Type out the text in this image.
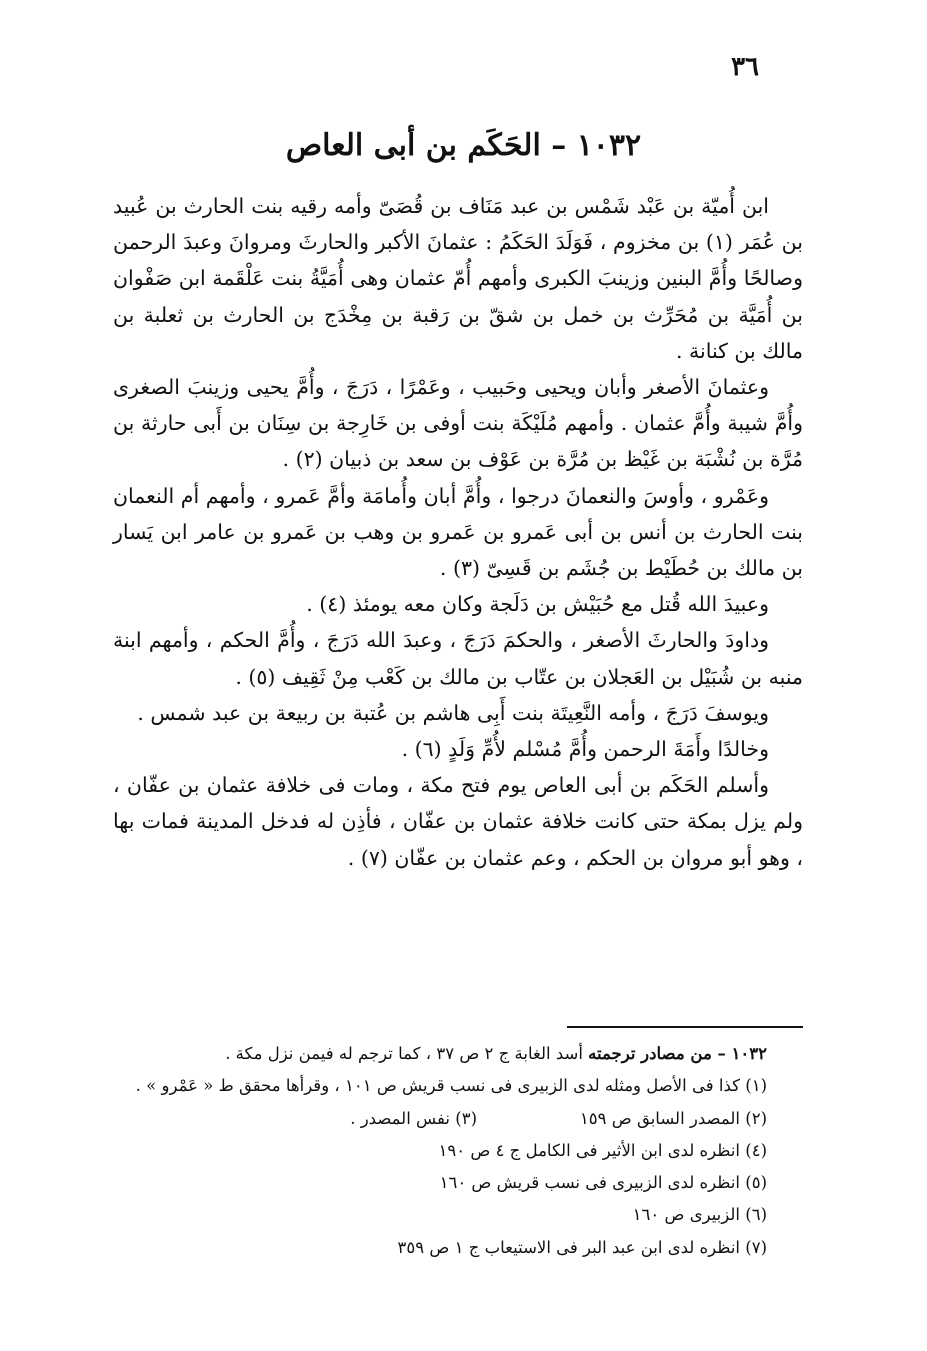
٣٦
١٠٣٢ – الحَكَم بن أبى العاص

ابن أُميّة بن عَبْد شَمْس بن عبد مَنَاف بن قُصَىّ وأمه رقيه بنت الحارث بن عُبيد بن عُمَر (١) بن مخزوم ، فَوَلَدَ الحَكَمُ : عثمانَ الأكبر والحارثَ ومروانَ وعبدَ الرحمن وصالحًا وأُمَّ البنين وزينبَ الكبرى وأمهم أُمّ عثمان وهى أُمَيَّةُ بنت عَلْقَمة ابن صَفْوان بن أُمَيَّة بن مُحَرِّث بن خمل بن شقّ بن رَقبة بن مِخْدَج بن الحارث بن ثعلبة بن مالك بن كنانة .

وعثمانَ الأصغر وأبان ويحيى وحَبيب ، وعَمْرًا ، دَرَجَ ، وأُمَّ يحيى وزينبَ الصغرى وأُمَّ شيبة وأُمَّ عثمان . وأمهم مُلَيْكَة بنت أوفى بن خَارِجة بن سِنَان بن أَبى حارثة بن مُرَّة بن نُشْبَة بن غَيْظ بن مُرَّة بن عَوْف بن سعد بن ذبيان (٢) .

وعَمْرو ، وأوسَ والنعمانَ درجوا ، وأُمَّ أبان وأُمامَة وأمَّ عَمرو ، وأمهم أم النعمان بنت الحارث بن أنس بن أبى عَمرو بن عَمرو بن وهب بن عَمرو بن عامر ابن يَسار بن مالك بن حُطَيْط بن جُشَم بن قَسِىّ (٣) .

وعبيدَ الله قُتل مع حُبَيْش بن دَلَجة وكان معه يومئذ (٤) .

وداودَ والحارثَ الأصغر ، والحكمَ دَرَجَ ، وعبدَ الله دَرَجَ ، وأُمَّ الحكم ، وأمهم ابنة منبه بن شُبَيْل بن العَجلان بن عتّاب بن مالك بن كَعْب مِنْ ثَقِيف (٥) .

ويوسفَ دَرَجَ ، وأمه النَّعِيتَة بنت أَبِى هاشم بن عُتبة بن ربيعة بن عبد شمس .

وخالدًا وأَمَةَ الرحمن وأُمَّ مُسْلم لأُمِّ وَلَدٍ (٦) .

وأسلم الحَكَم بن أبى العاص يوم فتح مكة ، ومات فى خلافة عثمان بن عفّان ، ولم يزل بمكة حتى كانت خلافة عثمان بن عفّان ، فأذِن له فدخل المدينة فمات بها ، وهو أبو مروان بن الحكم ، وعم عثمان بن عفّان (٧) .

١٠٣٢ – من مصادر ترجمته أسد الغابة ج ٢ ص ٣٧ ، كما ترجم له فيمن نزل مكة .

(١) كذا فى الأصل ومثله لدى الزبيرى فى نسب قريش ص ١٠١ ، وقرأها محقق ط « عَمْرو » .

(٢) المصدر السابق ص ١٥٩
(٣) نفس المصدر .

(٤) انظره لدى ابن الأثير فى الكامل ج ٤ ص ١٩٠

(٥) انظره لدى الزبيرى فى نسب قريش ص ١٦٠

(٦) الزبيرى ص ١٦٠

(٧) انظره لدى ابن عبد البر فى الاستيعاب ج ١ ص ٣٥٩
